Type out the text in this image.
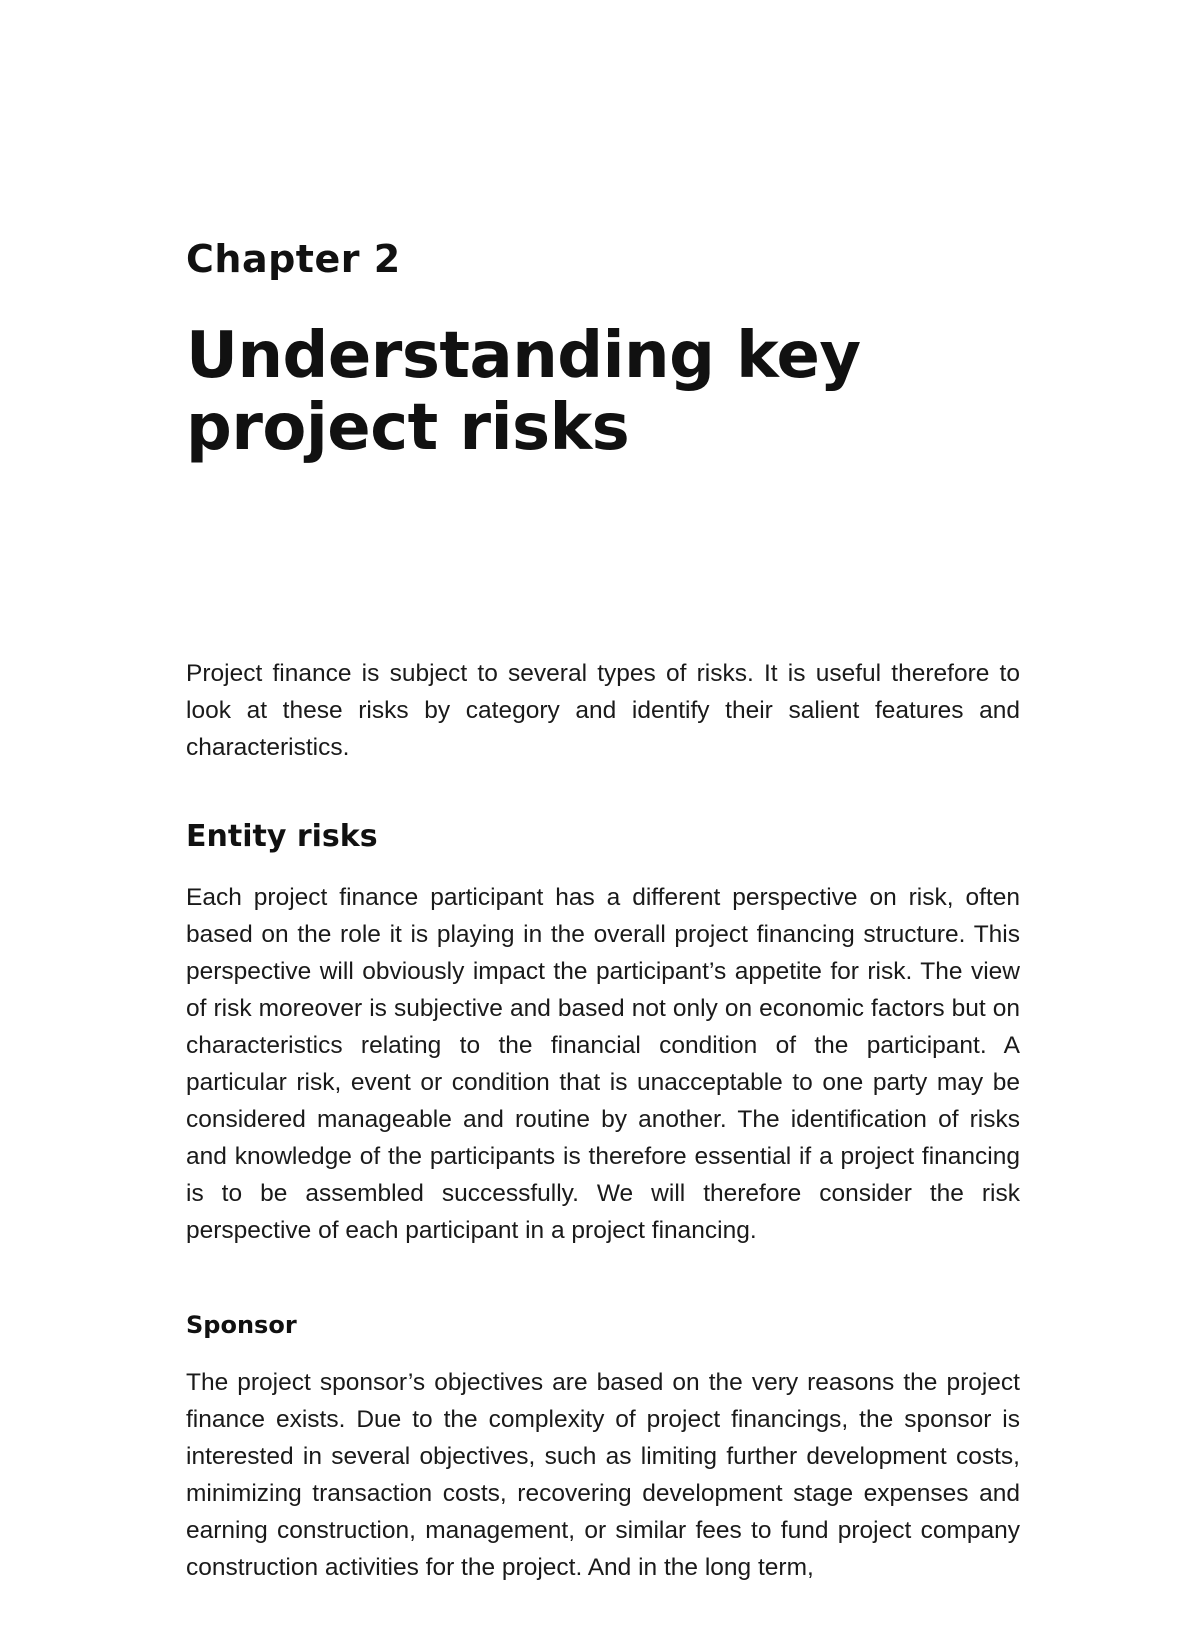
Chapter 2
Understanding key project risks

Project finance is subject to several types of risks. It is useful therefore to look at these risks by category and identify their salient features and characteristics.

Entity risks

Each project finance participant has a different perspective on risk, often based on the role it is playing in the overall project financing structure. This perspective will obviously impact the participant’s appetite for risk. The view of risk moreover is subjective and based not only on economic factors but on characteristics relating to the financial condition of the participant. A particular risk, event or condition that is unacceptable to one party may be considered manageable and routine by another. The identification of risks and knowledge of the participants is therefore essential if a project financing is to be assembled successfully. We will therefore consider the risk perspective of each participant in a project financing.

Sponsor

The project sponsor’s objectives are based on the very reasons the project finance exists. Due to the complexity of project financings, the sponsor is interested in several objectives, such as limiting further development costs, minimizing transaction costs, recovering development stage expenses and earning construction, management, or similar fees to fund project company construction activities for the project. And in the long term,
